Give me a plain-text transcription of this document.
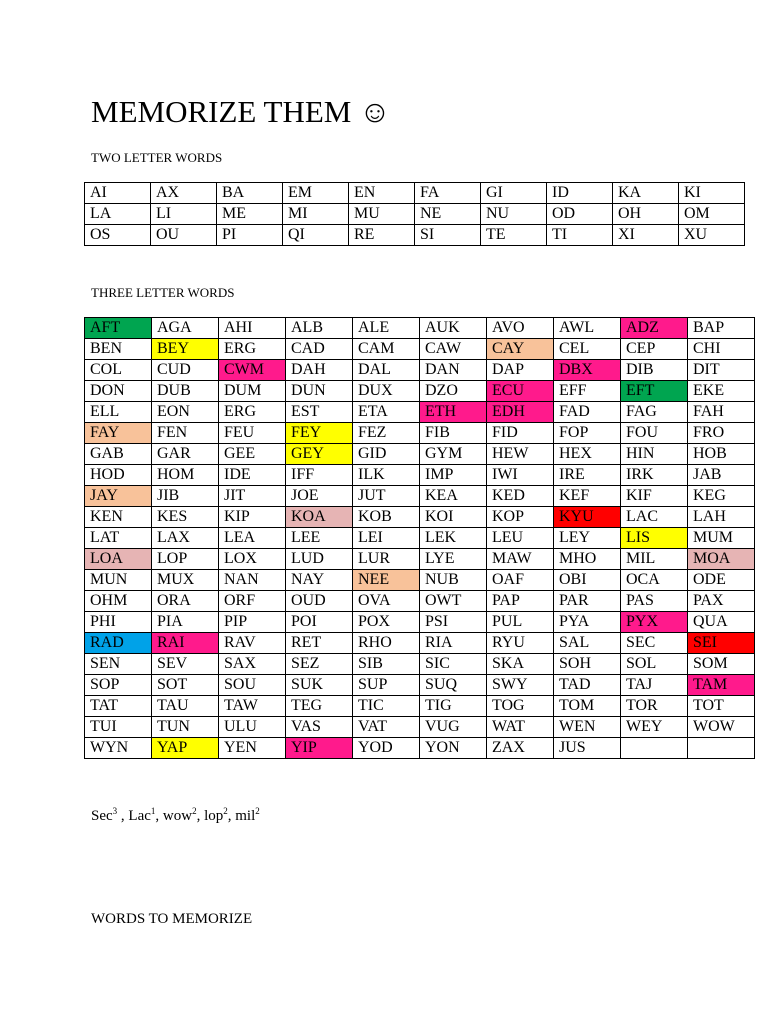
MEMORIZE THEM ☺
TWO LETTER WORDS
AI	AX	BA	EM	EN	FA	GI	ID	KA	KI
LA	LI	ME	MI	MU	NE	NU	OD	OH	OM
OS	OU	PI	QI	RE	SI	TE	TI	XI	XU
THREE LETTER WORDS
AFT	AGA	AHI	ALB	ALE	AUK	AVO	AWL	ADZ	BAP
BEN	BEY	ERG	CAD	CAM	CAW	CAY	CEL	CEP	CHI
COL	CUD	CWM	DAH	DAL	DAN	DAP	DBX	DIB	DIT
DON	DUB	DUM	DUN	DUX	DZO	ECU	EFF	EFT	EKE
ELL	EON	ERG	EST	ETA	ETH	EDH	FAD	FAG	FAH
FAY	FEN	FEU	FEY	FEZ	FIB	FID	FOP	FOU	FRO
GAB	GAR	GEE	GEY	GID	GYM	HEW	HEX	HIN	HOB
HOD	HOM	IDE	IFF	ILK	IMP	IWI	IRE	IRK	JAB
JAY	JIB	JIT	JOE	JUT	KEA	KED	KEF	KIF	KEG
KEN	KES	KIP	KOA	KOB	KOI	KOP	KYU	LAC	LAH
LAT	LAX	LEA	LEE	LEI	LEK	LEU	LEY	LIS	MUM
LOA	LOP	LOX	LUD	LUR	LYE	MAW	MHO	MIL	MOA
MUN	MUX	NAN	NAY	NEE	NUB	OAF	OBI	OCA	ODE
OHM	ORA	ORF	OUD	OVA	OWT	PAP	PAR	PAS	PAX
PHI	PIA	PIP	POI	POX	PSI	PUL	PYA	PYX	QUA
RAD	RAI	RAV	RET	RHO	RIA	RYU	SAL	SEC	SEI
SEN	SEV	SAX	SEZ	SIB	SIC	SKA	SOH	SOL	SOM
SOP	SOT	SOU	SUK	SUP	SUQ	SWY	TAD	TAJ	TAM
TAT	TAU	TAW	TEG	TIC	TIG	TOG	TOM	TOR	TOT
TUI	TUN	ULU	VAS	VAT	VUG	WAT	WEN	WEY	WOW
WYN	YAP	YEN	YIP	YOD	YON	ZAX	JUS		
Sec$^3$ , Lac$^1$, wow$^2$, lop$^2$, mil$^2$
WORDS TO MEMORIZE
